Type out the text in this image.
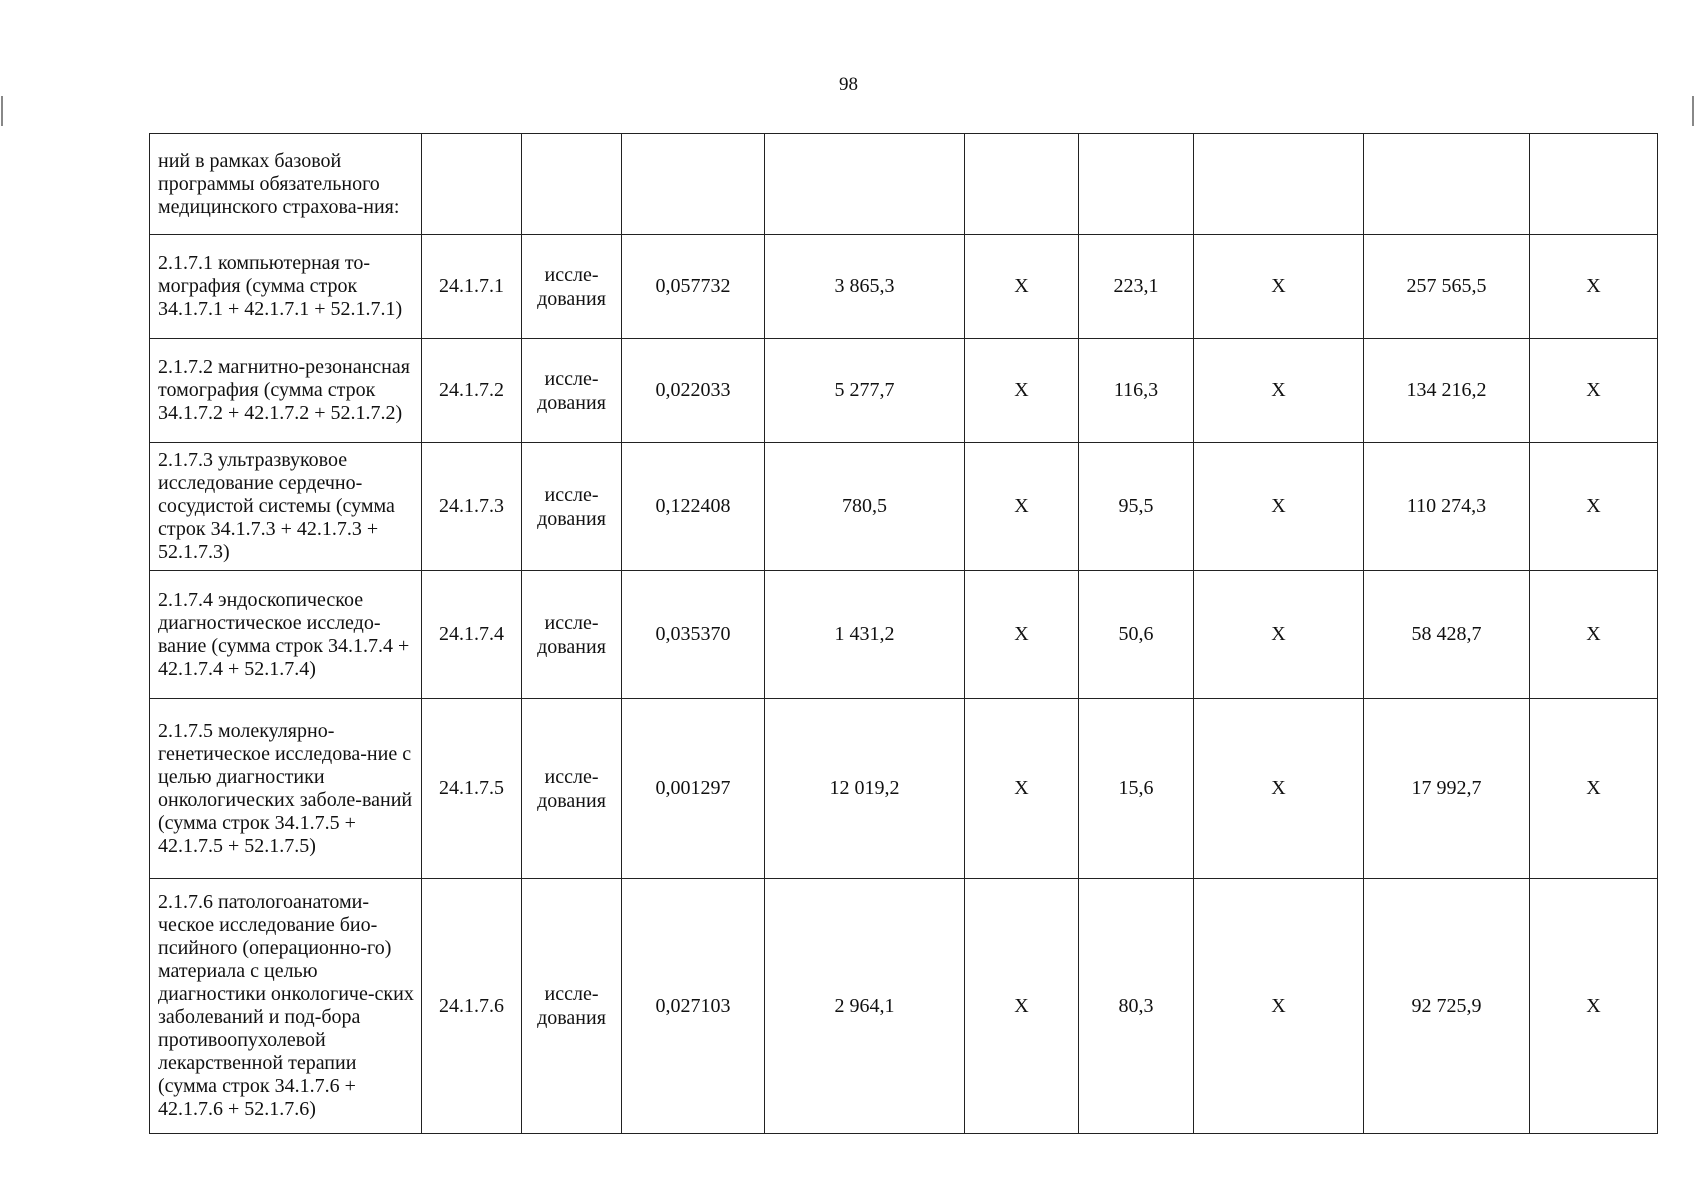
98
ний в рамках базовой программы обязательного медицинского страхова-ния:									
2.1.7.1 компьютерная то-мография (сумма строк 34.1.7.1 + 42.1.7.1 + 52.1.7.1)	24.1.7.1	иссле-дования	0,057732	3 865,3	X	223,1	X	257 565,5	X
2.1.7.2 магнитно-резонансная томография (сумма строк 34.1.7.2 + 42.1.7.2 + 52.1.7.2)	24.1.7.2	иссле-дования	0,022033	5 277,7	X	116,3	X	134 216,2	X
2.1.7.3 ультразвуковое исследование сердечно-сосудистой системы (сумма строк 34.1.7.3 + 42.1.7.3 + 52.1.7.3)	24.1.7.3	иссле-дования	0,122408	780,5	X	95,5	X	110 274,3	X
2.1.7.4 эндоскопическое диагностическое исследо-вание (сумма строк 34.1.7.4 + 42.1.7.4 + 52.1.7.4)	24.1.7.4	иссле-дования	0,035370	1 431,2	X	50,6	X	58 428,7	X
2.1.7.5 молекулярно-генетическое исследова-ние с целью диагностики онкологических заболе-ваний (сумма строк 34.1.7.5 + 42.1.7.5 + 52.1.7.5)	24.1.7.5	иссле-дования	0,001297	12 019,2	X	15,6	X	17 992,7	X
2.1.7.6 патологоанатоми-ческое исследование био-псийного (операционно-го) материала с целью диагностики онкологиче-ских заболеваний и под-бора противоопухолевой лекарственной терапии (сумма строк 34.1.7.6 + 42.1.7.6 + 52.1.7.6)	24.1.7.6	иссле-дования	0,027103	2 964,1	X	80,3	X	92 725,9	X
